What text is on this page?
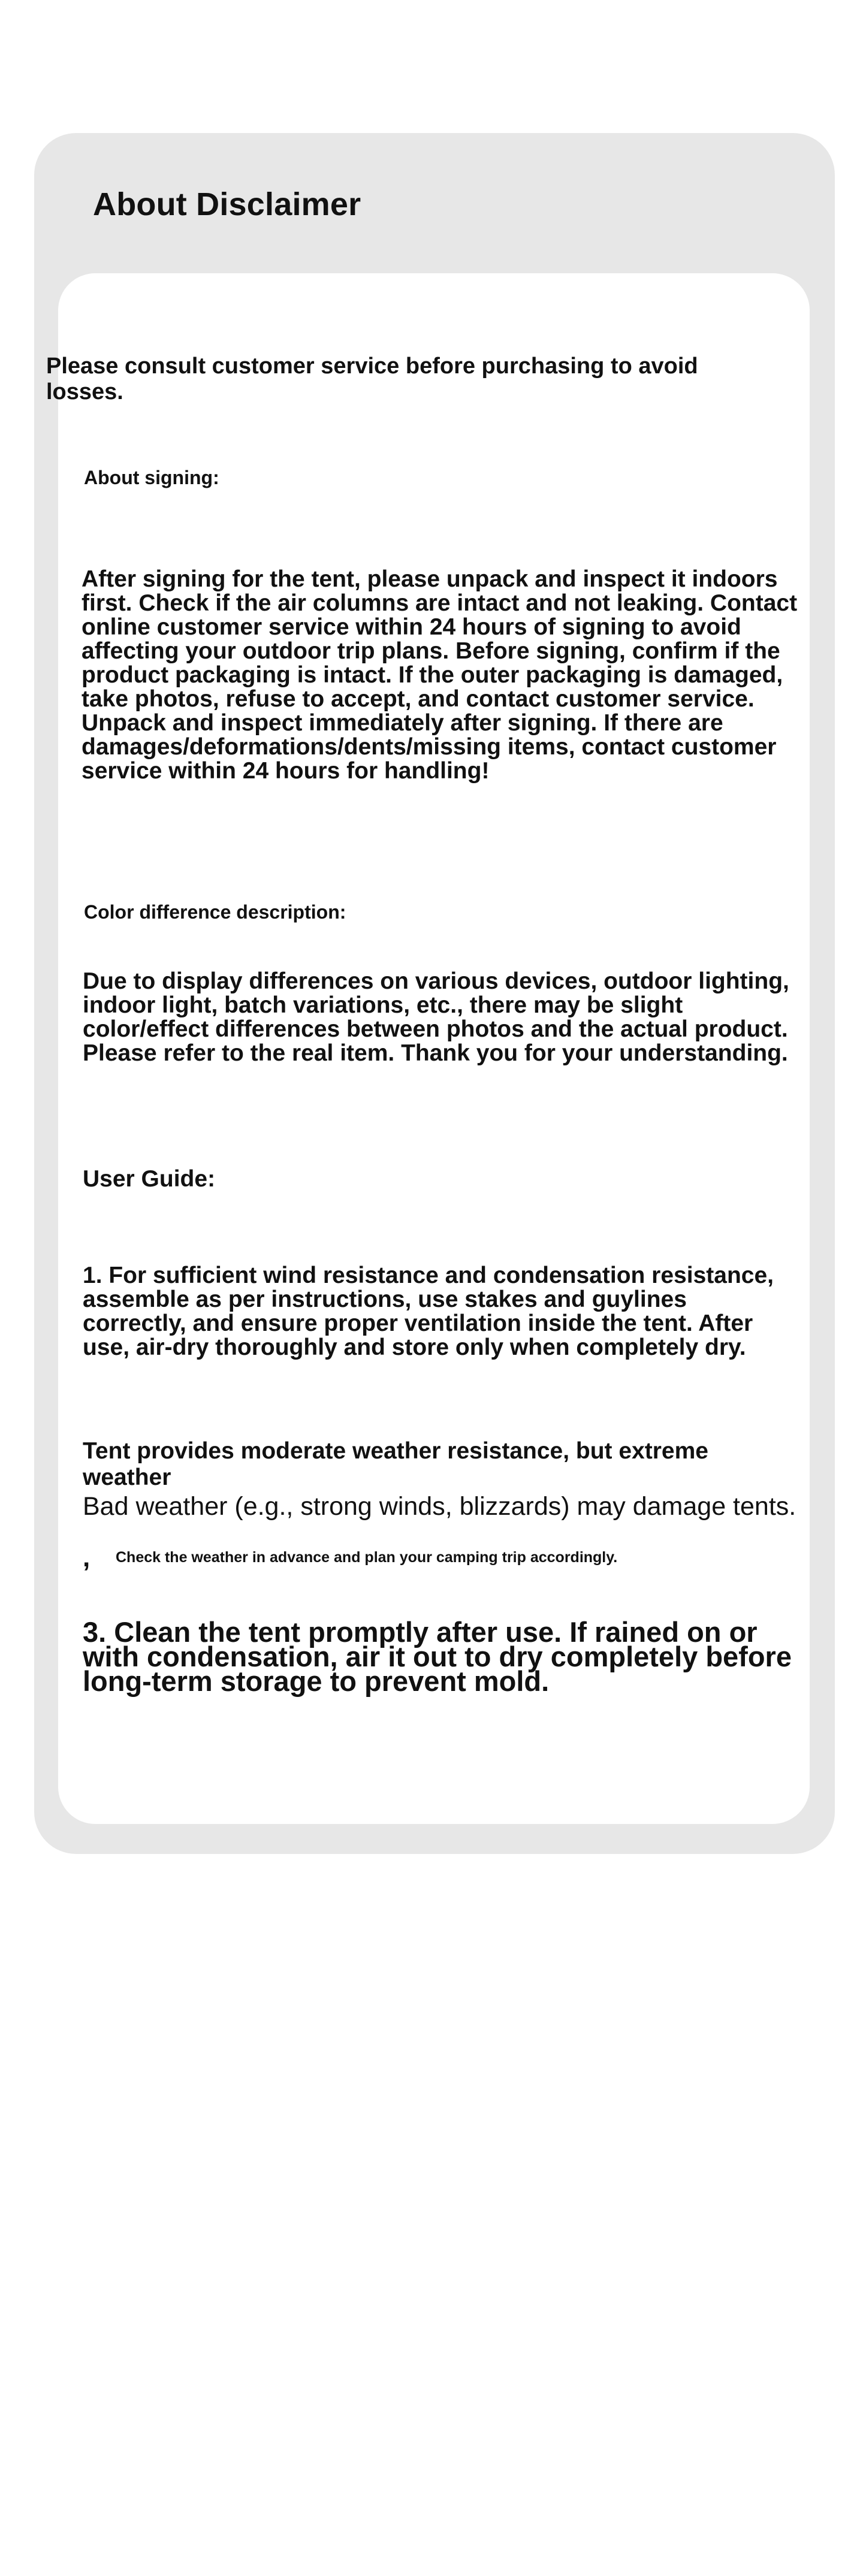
About Disclaimer

Please consult customer service before purchasing to avoid losses.

About signing:

After signing for the tent, please unpack and inspect it indoors first. Check if the air columns are intact and not leaking. Contact online customer service within 24 hours of signing to avoid affecting your outdoor trip plans. Before signing, confirm if the product packaging is intact. If the outer packaging is damaged, take photos, refuse to accept, and contact customer service. Unpack and inspect immediately after signing. If there are damages/deformations/dents/missing items, contact customer service within 24 hours for handling!

Color difference description:

Due to display differences on various devices, outdoor lighting, indoor light, batch variations, etc., there may be slight color/effect differences between photos and the actual product. Please refer to the real item. Thank you for your understanding.

User Guide:

1. For sufficient wind resistance and condensation resistance, assemble as per instructions, use stakes and guylines correctly, and ensure proper ventilation inside the tent. After use, air-dry thoroughly and store only when completely dry.

Tent provides moderate weather resistance, but extreme weather

Bad weather (e.g., strong winds, blizzards) may damage tents.

, Check the weather in advance and plan your camping trip accordingly.

3. Clean the tent promptly after use. If rained on or with condensation, air it out to dry completely before long-term storage to prevent mold.
